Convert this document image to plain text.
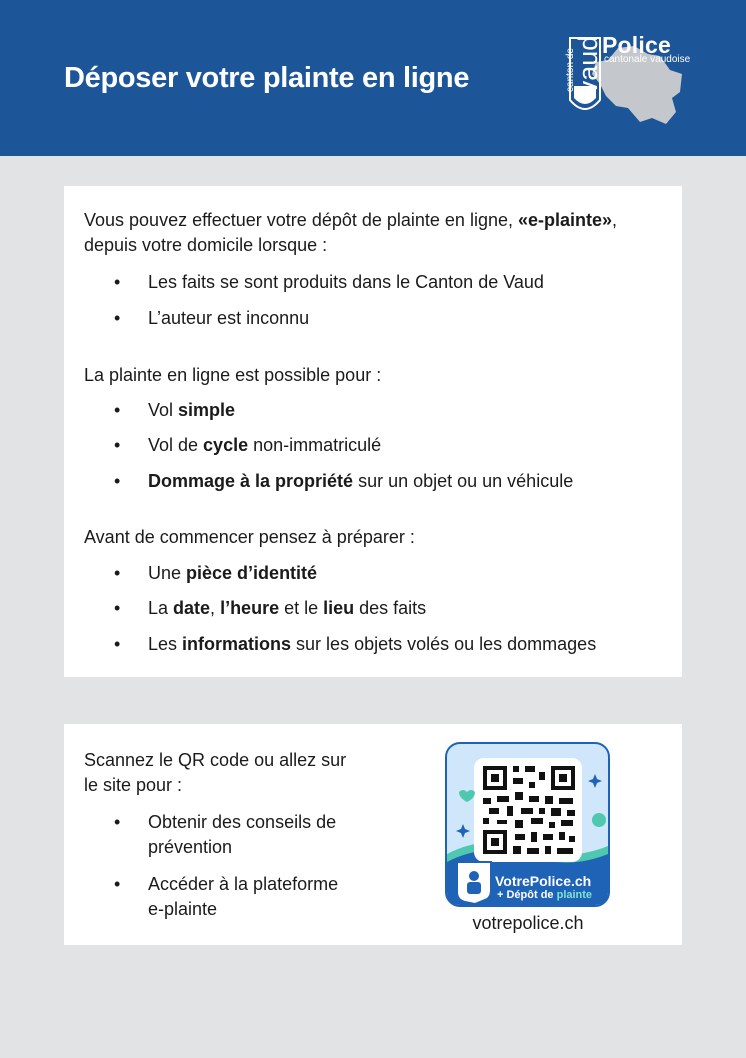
Déposer votre plainte en ligne	canton de
vaud Police
cantonale vaudoise

Vous pouvez effectuer votre dépôt de plainte en ligne, «e-plainte»,

depuis votre domicile lorsque :

• Les faits se sont produits dans le Canton de Vaud

• L’auteur est inconnu

La plainte en ligne est possible pour :

• Vol simple

• Vol de cycle non-immatriculé

• Dommage à la propriété sur un objet ou un véhicule

Avant de commencer pensez à préparer :

• Une pièce d’identité

• La date, l’heure et le lieu des faits

• Les informations sur les objets volés ou les dommages

Scannez le QR code ou allez sur

le site pour :

• Obtenir des conseils de

prévention

• Accéder à la plateforme

e-plainte

VotrePolice.ch
+ Dépôt de plainte
votrepolice.ch
